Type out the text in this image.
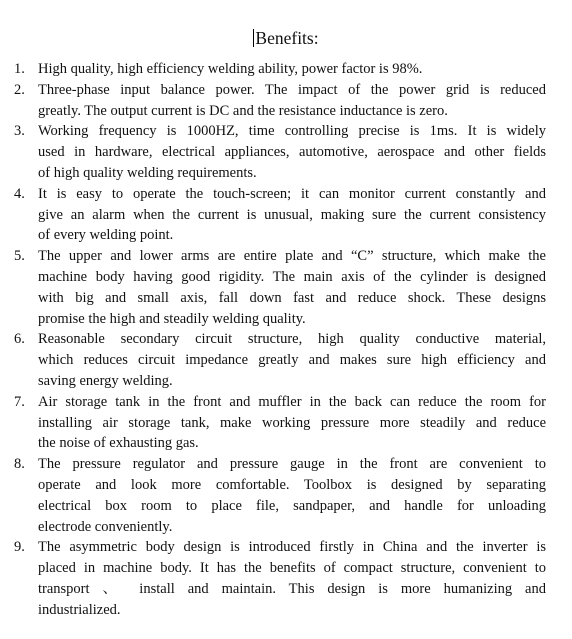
Benefits:
1. High quality, high efficiency welding ability, power factor is 98%.
2. Three-phase input balance power. The impact of the power grid is reduced
greatly. The output current is DC and the resistance inductance is zero.
3. Working frequency is 1000HZ, time controlling precise is 1ms. It is widely
used in hardware, electrical appliances, automotive, aerospace and other fields
of high quality welding requirements.
4. It is easy to operate the touch-screen; it can monitor current constantly and
give an alarm when the current is unusual, making sure the current consistency
of every welding point.
5. The upper and lower arms are entire plate and “C” structure, which make the
machine body having good rigidity. The main axis of the cylinder is designed
with big and small axis, fall down fast and reduce shock. These designs
promise the high and steadily welding quality.
6. Reasonable secondary circuit structure, high quality conductive material,
which reduces circuit impedance greatly and makes sure high efficiency and
saving energy welding.
7. Air storage tank in the front and muffler in the back can reduce the room for
installing air storage tank, make working pressure more steadily and reduce
the noise of exhausting gas.
8. The pressure regulator and pressure gauge in the front are convenient to
operate and look more comfortable. Toolbox is designed by separating
electrical box room to place file, sandpaper, and handle for unloading
electrode conveniently.
9. The asymmetric body design is introduced firstly in China and the inverter is
placed in machine body. It has the benefits of compact structure, convenient to
transport 、 install and maintain. This design is more humanizing and
industrialized.
